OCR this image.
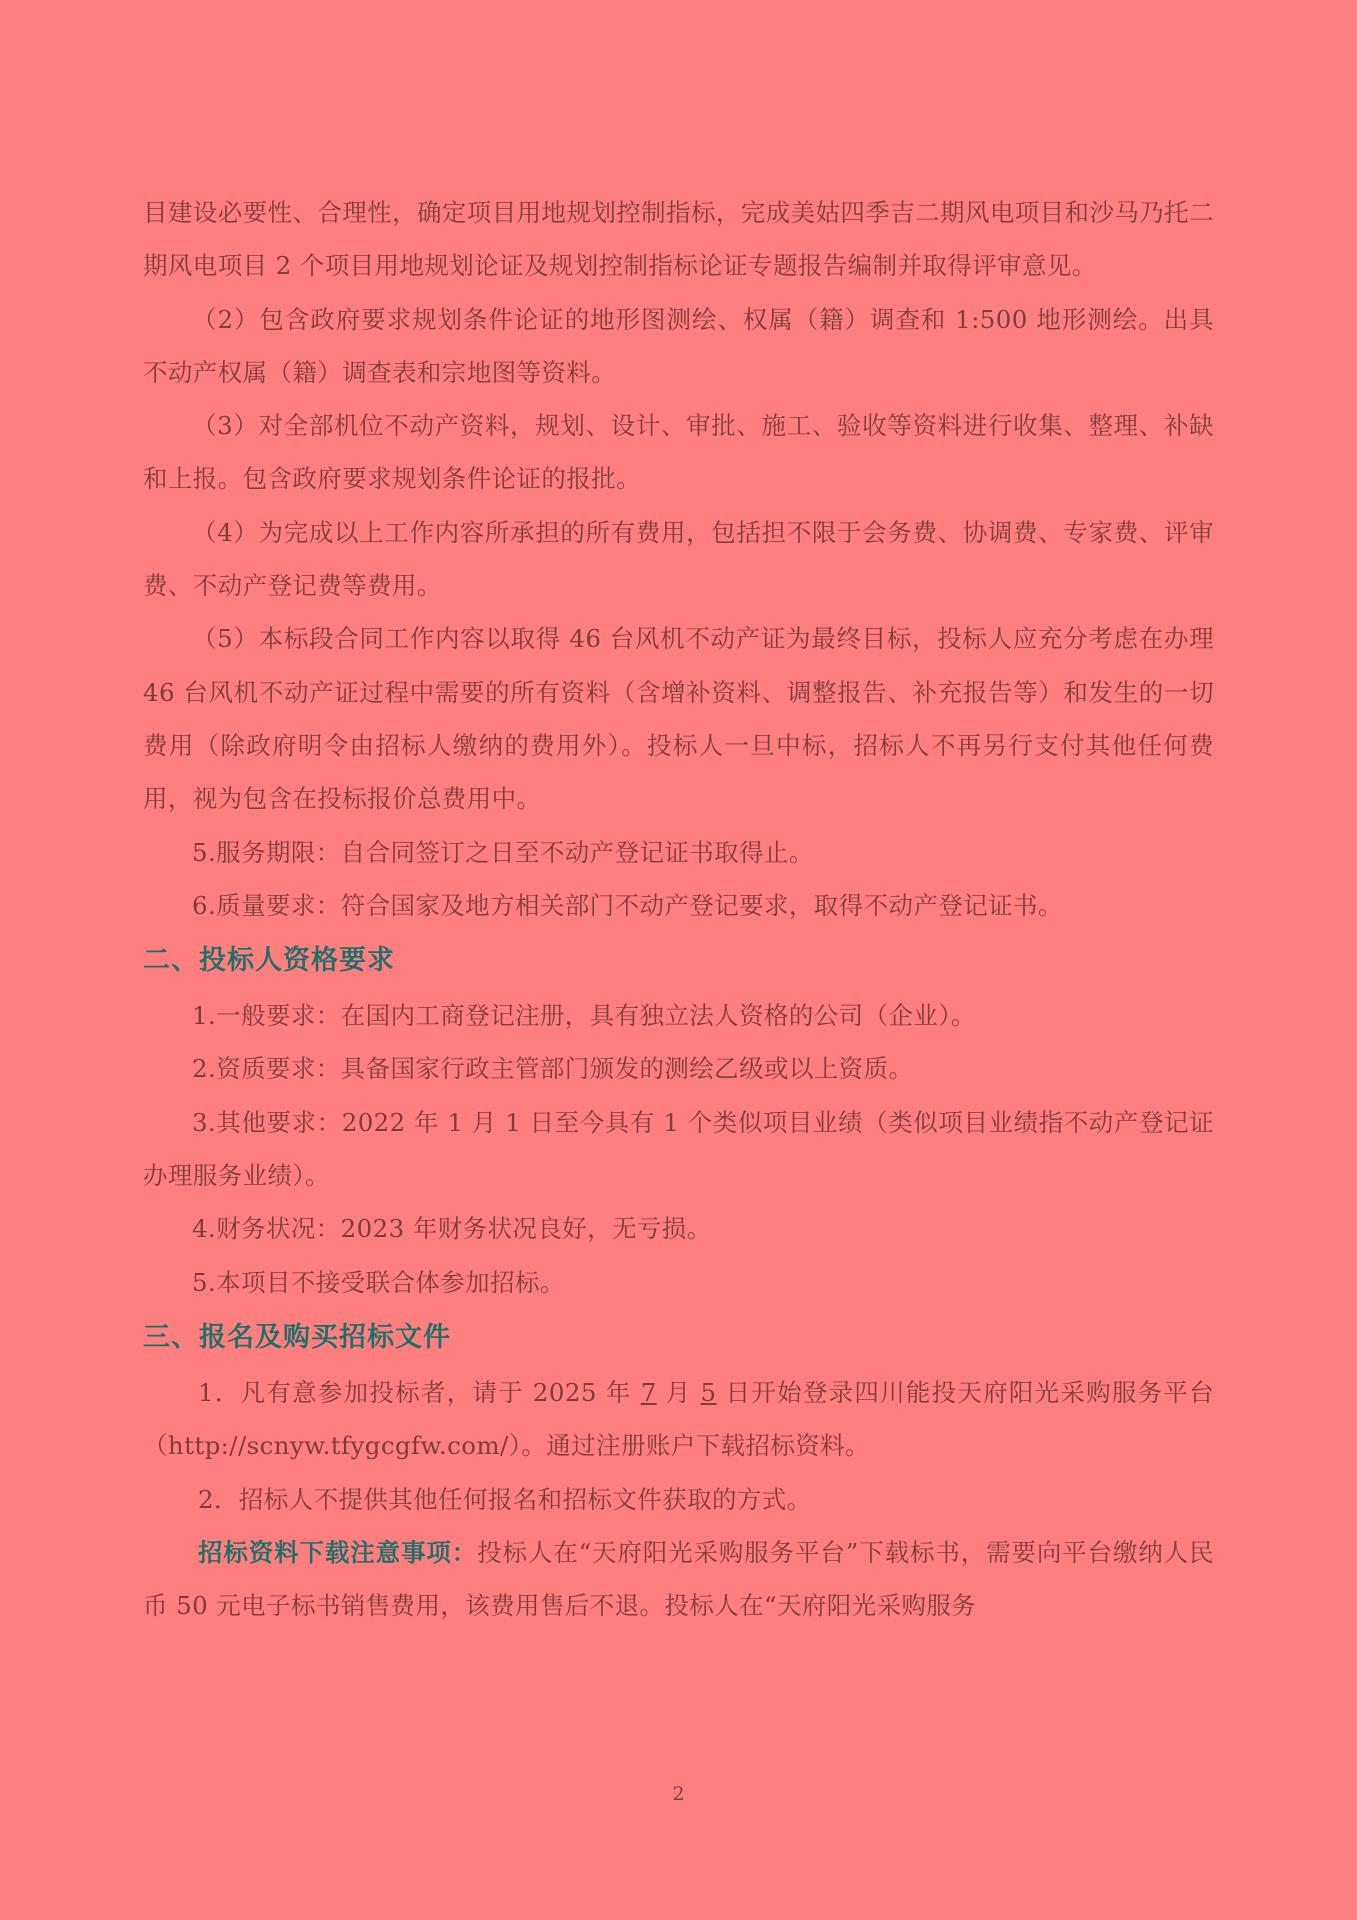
目建设必要性、合理性，确定项目用地规划控制指标，完成美姑四季吉二期风电项目和沙马乃托二期风电项目 2 个项目用地规划论证及规划控制指标论证专题报告编制并取得评审意见。

（2）包含政府要求规划条件论证的地形图测绘、权属（籍）调查和 1:500 地形测绘。出具不动产权属（籍）调查表和宗地图等资料。

（3）对全部机位不动产资料，规划、设计、审批、施工、验收等资料进行收集、整理、补缺和上报。包含政府要求规划条件论证的报批。

（4）为完成以上工作内容所承担的所有费用，包括担不限于会务费、协调费、专家费、评审费、不动产登记费等费用。

（5）本标段合同工作内容以取得 46 台风机不动产证为最终目标，投标人应充分考虑在办理 46 台风机不动产证过程中需要的所有资料（含增补资料、调整报告、补充报告等）和发生的一切费用（除政府明令由招标人缴纳的费用外）。投标人一旦中标，招标人不再另行支付其他任何费用，视为包含在投标报价总费用中。

5.服务期限：自合同签订之日至不动产登记证书取得止。

6.质量要求：符合国家及地方相关部门不动产登记要求，取得不动产登记证书。

二、投标人资格要求

1.一般要求：在国内工商登记注册，具有独立法人资格的公司（企业）。

2.资质要求：具备国家行政主管部门颁发的测绘乙级或以上资质。

3.其他要求：2022 年 1 月 1 日至今具有 1 个类似项目业绩（类似项目业绩指不动产登记证办理服务业绩）。

4.财务状况：2023 年财务状况良好，无亏损。

5.本项目不接受联合体参加招标。

三、报名及购买招标文件

1．凡有意参加投标者，请于 2025 年 7 月 5 日开始登录四川能投天府阳光采购服务平台（http://scnyw.tfygcgfw.com/）。通过注册账户下载招标资料。

2．招标人不提供其他任何报名和招标文件获取的方式。

招标资料下载注意事项：投标人在“天府阳光采购服务平台”下载标书，需要向平台缴纳人民币 50 元电子标书销售费用，该费用售后不退。投标人在“天府阳光采购服务

2
